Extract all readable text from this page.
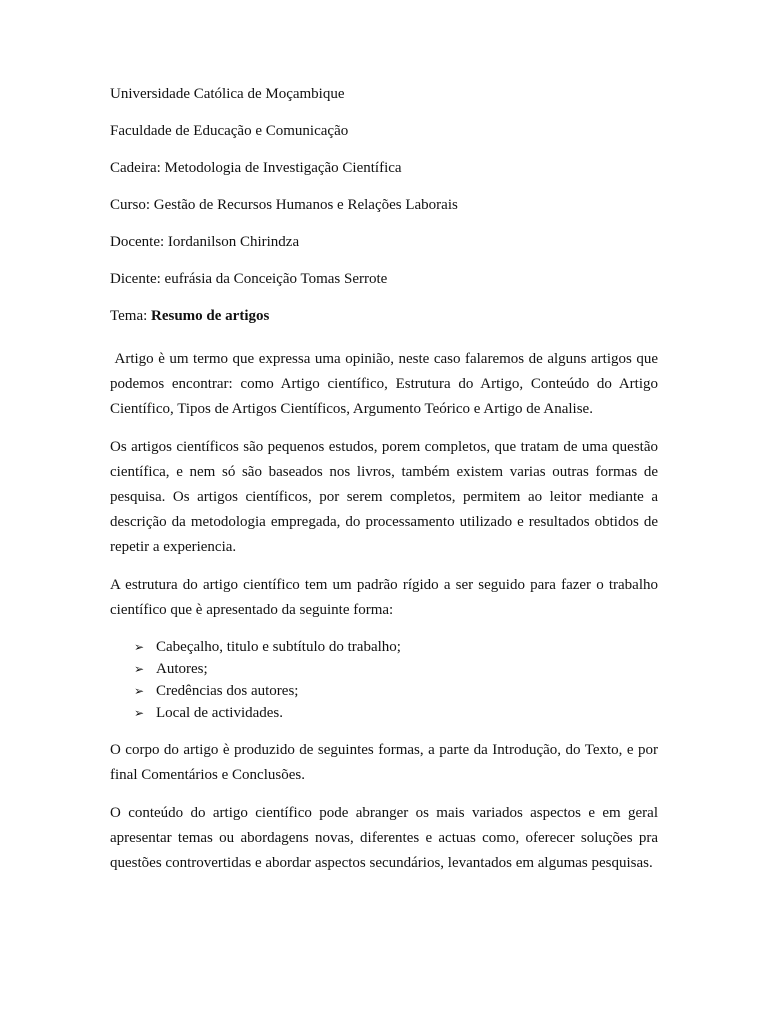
Universidade Católica de Moçambique

Faculdade de Educação e Comunicação

Cadeira: Metodologia de Investigação Científica

Curso: Gestão de Recursos Humanos e Relações Laborais

Docente: Iordanilson Chirindza

Dicente: eufrásia da Conceição Tomas Serrote

Tema: Resumo de artigos

Artigo è um termo que expressa uma opinião, neste caso falaremos de alguns artigos que podemos encontrar: como Artigo científico, Estrutura do Artigo, Conteúdo do Artigo Científico, Tipos de Artigos Científicos, Argumento Teórico e Artigo de Analise.

Os artigos científicos são pequenos estudos, porem completos, que tratam de uma questão científica, e nem só são baseados nos livros, também existem varias outras formas de pesquisa. Os artigos científicos, por serem completos, permitem ao leitor mediante a descrição da metodologia empregada, do processamento utilizado e resultados obtidos de repetir a experiencia.

A estrutura do artigo científico tem um padrão rígido a ser seguido para fazer o trabalho científico que è apresentado da seguinte forma:

➢ Cabeçalho, titulo e subtítulo do trabalho;
➢ Autores;
➢ Credências dos autores;
➢ Local de actividades.

O corpo do artigo è produzido de seguintes formas, a parte da Introdução, do Texto, e por final Comentários e Conclusões.

O conteúdo do artigo científico pode abranger os mais variados aspectos e em geral apresentar temas ou abordagens novas, diferentes e actuas como, oferecer soluções pra questões controvertidas e abordar aspectos secundários, levantados em algumas pesquisas.
